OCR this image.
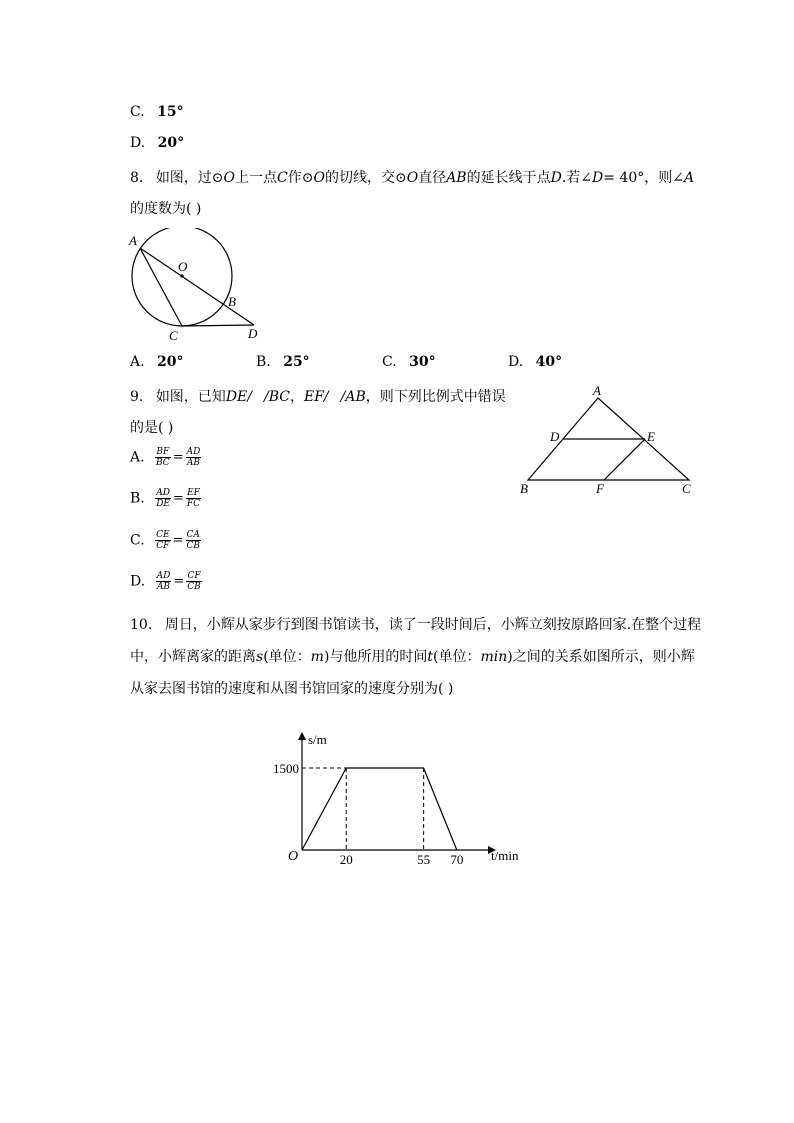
C. 15°
D. 20°
8. 如图，过⊙O上一点C作⊙O的切线，交⊙O直径AB的延长线于点D.若∠D= 40°，则∠A
的度数为( )
A
O
B
C	D
A. 20°	B. 25°	C. 30°	D. 40°
9. 如图，已知DE/ /BC，EF/ /AB，则下列比例式中错误
的是( )
A
D	E
B	F	C
A. $\frac{BF}{BC} = \frac{AD}{AB}$
B. $\frac{AD}{DE} = \frac{EF}{FC}$
C. $\frac{CE}{CF} = \frac{CA}{CB}$
D. $\frac{AD}{AB} = \frac{CF}{CB}$
10. 周日，小辉从家步行到图书馆读书，读了一段时间后，小辉立刻按原路回家.在整个过程
中，小辉离家的距离s(单位：m)与他所用的时间t(单位：min)之间的关系如图所示，则小辉
从家去图书馆的速度和从图书馆回家的速度分别为( )
1500
20	55 70
O
s/m
t/min
